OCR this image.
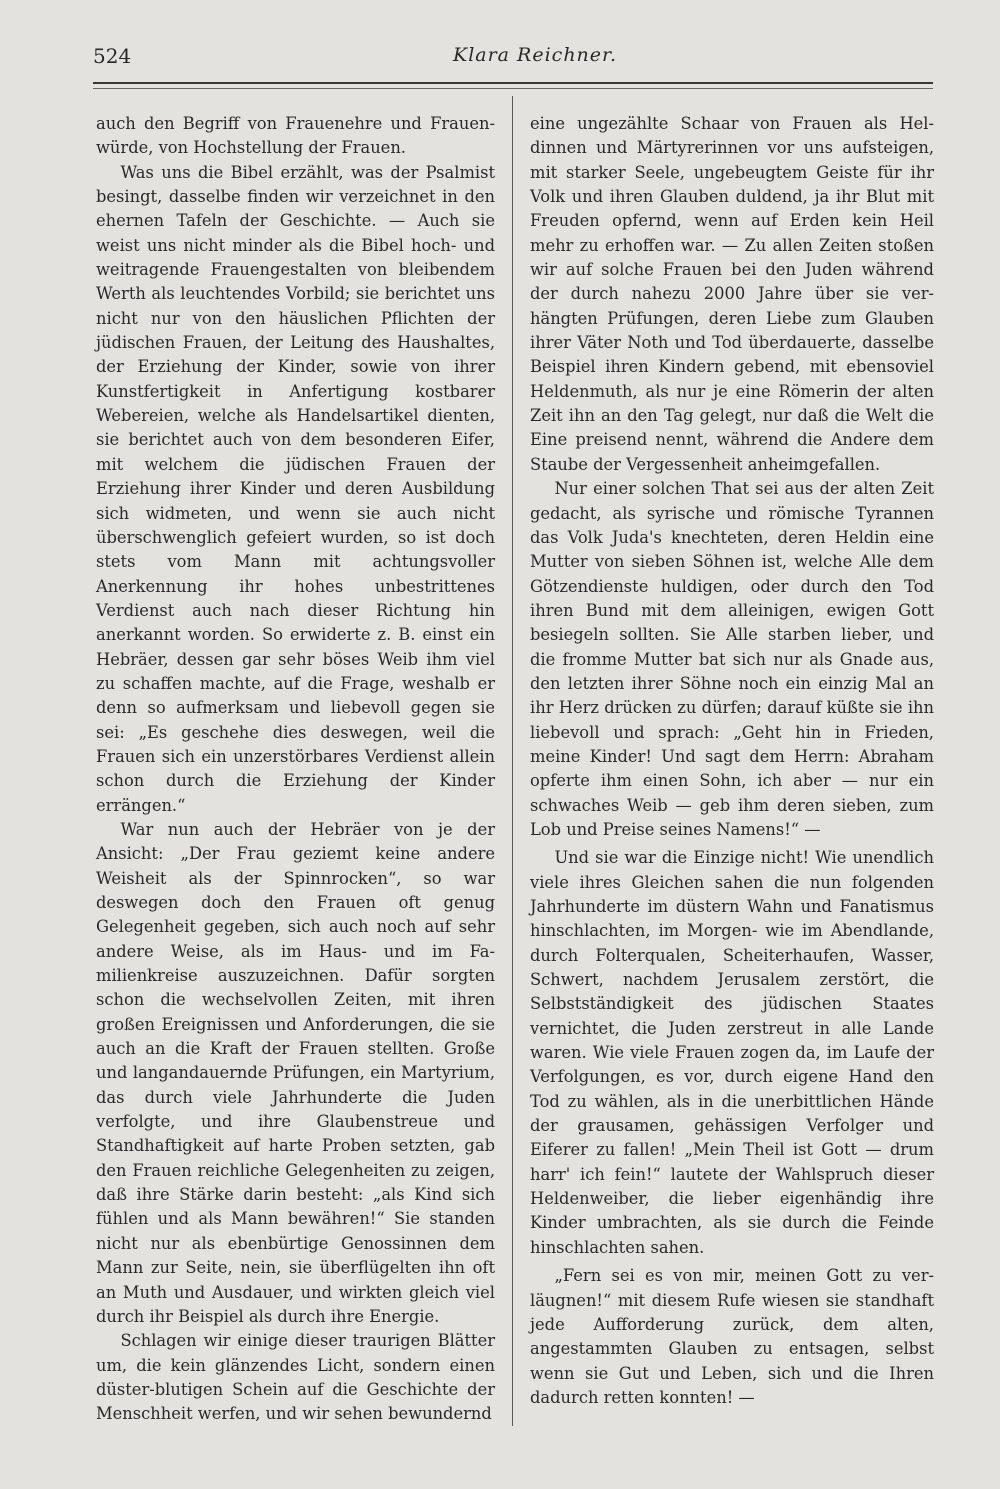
524	Klara Reichner.

auch den Begriff von Frauenehre und Frauenwürde, von Hochstellung der Frauen.

Was uns die Bibel erzählt, was der Psalmist besingt, dasselbe finden wir verzeichnet in den ehernen Tafeln der Geschichte. — Auch sie weist uns nicht minder als die Bibel hoch- und weitragende Frauengestalten von bleibendem Werth als leuchtendes Vorbild; sie berichtet uns nicht nur von den häuslichen Pflichten der jüdischen Frauen, der Leitung des Haushaltes, der Erziehung der Kinder, sowie von ihrer Kunstfertigkeit in Anfertigung kostbarer Webereien, welche als Handelsartikel dienten, sie berichtet auch von dem besonderen Eifer, mit welchem die jüdischen Frauen der Erziehung ihrer Kinder und deren Ausbildung sich widmeten, und wenn sie auch nicht überschwenglich gefeiert wurden, so ist doch stets vom Mann mit achtungsvoller Anerkennung ihr hohes unbestrittenes Verdienst auch nach dieser Richtung hin anerkannt worden. So erwiderte z. B. einst ein Hebräer, dessen gar sehr böses Weib ihm viel zu schaffen machte, auf die Frage, weshalb er denn so aufmerksam und liebevoll gegen sie sei: „Es geschehe dies deswegen, weil die Frauen sich ein unzerstörbares Verdienst allein schon durch die Erziehung der Kinder errängen.“

War nun auch der Hebräer von je der Ansicht: „Der Frau geziemt keine andere Weisheit als der Spinnrocken“, so war deswegen doch den Frauen oft genug Gelegenheit gegeben, sich auch noch auf sehr andere Weise, als im Haus- und im Familienkreise auszuzeichnen. Dafür sorgten schon die wechselvollen Zeiten, mit ihren großen Ereignissen und Anforderungen, die sie auch an die Kraft der Frauen stellten. Große und langandauernde Prüfungen, ein Martyrium, das durch viele Jahrhunderte die Juden verfolgte, und ihre Glaubenstreue und Standhaftigkeit auf harte Proben setzten, gab den Frauen reichliche Gelegenheiten zu zeigen, daß ihre Stärke darin besteht: „als Kind sich fühlen und als Mann bewähren!“ Sie standen nicht nur als ebenbürtige Genossinnen dem Mann zur Seite, nein, sie überflügelten ihn oft an Muth und Ausdauer, und wirkten gleich viel durch ihr Beispiel als durch ihre Energie.

Schlagen wir einige dieser traurigen Blätter um, die kein glänzendes Licht, sondern einen düster-blutigen Schein auf die Geschichte der Menschheit werfen, und wir sehen bewundernd

eine ungezählte Schaar von Frauen als Heldinnen und Märtyrerinnen vor uns aufsteigen, mit starker Seele, ungebeugtem Geiste für ihr Volk und ihren Glauben duldend, ja ihr Blut mit Freuden opfernd, wenn auf Erden kein Heil mehr zu erhoffen war. — Zu allen Zeiten stoßen wir auf solche Frauen bei den Juden während der durch nahezu 2000 Jahre über sie verhängten Prüfungen, deren Liebe zum Glauben ihrer Väter Noth und Tod überdauerte, dasselbe Beispiel ihren Kindern gebend, mit ebensoviel Heldenmuth, als nur je eine Römerin der alten Zeit ihn an den Tag gelegt, nur daß die Welt die Eine preisend nennt, während die Andere dem Staube der Vergessenheit anheimgefallen.

Nur einer solchen That sei aus der alten Zeit gedacht, als syrische und römische Tyrannen das Volk Juda's knechteten, deren Heldin eine Mutter von sieben Söhnen ist, welche Alle dem Götzendienste huldigen, oder durch den Tod ihren Bund mit dem alleinigen, ewigen Gott besiegeln sollten. Sie Alle starben lieber, und die fromme Mutter bat sich nur als Gnade aus, den letzten ihrer Söhne noch ein einzig Mal an ihr Herz drücken zu dürfen; darauf küßte sie ihn liebevoll und sprach: „Geht hin in Frieden, meine Kinder! Und sagt dem Herrn: Abraham opferte ihm einen Sohn, ich aber — nur ein schwaches Weib — geb ihm deren sieben, zum Lob und Preise seines Namens!“ —

Und sie war die Einzige nicht! Wie unendlich viele ihres Gleichen sahen die nun folgenden Jahrhunderte im düstern Wahn und Fanatismus hinschlachten, im Morgen- wie im Abendlande, durch Folterqualen, Scheiterhaufen, Wasser, Schwert, nachdem Jerusalem zerstört, die Selbstständigkeit des jüdischen Staates vernichtet, die Juden zerstreut in alle Lande waren. Wie viele Frauen zogen da, im Laufe der Verfolgungen, es vor, durch eigene Hand den Tod zu wählen, als in die unerbittlichen Hände der grausamen, gehässigen Verfolger und Eiferer zu fallen! „Mein Theil ist Gott — drum harr' ich fein!“ lautete der Wahlspruch dieser Heldenweiber, die lieber eigenhändig ihre Kinder umbrachten, als sie durch die Feinde hinschlachten sahen.

„Fern sei es von mir, meinen Gott zu verläugnen!“ mit diesem Rufe wiesen sie standhaft jede Aufforderung zurück, dem alten, angestammten Glauben zu entsagen, selbst wenn sie Gut und Leben, sich und die Ihren dadurch retten konnten! —
